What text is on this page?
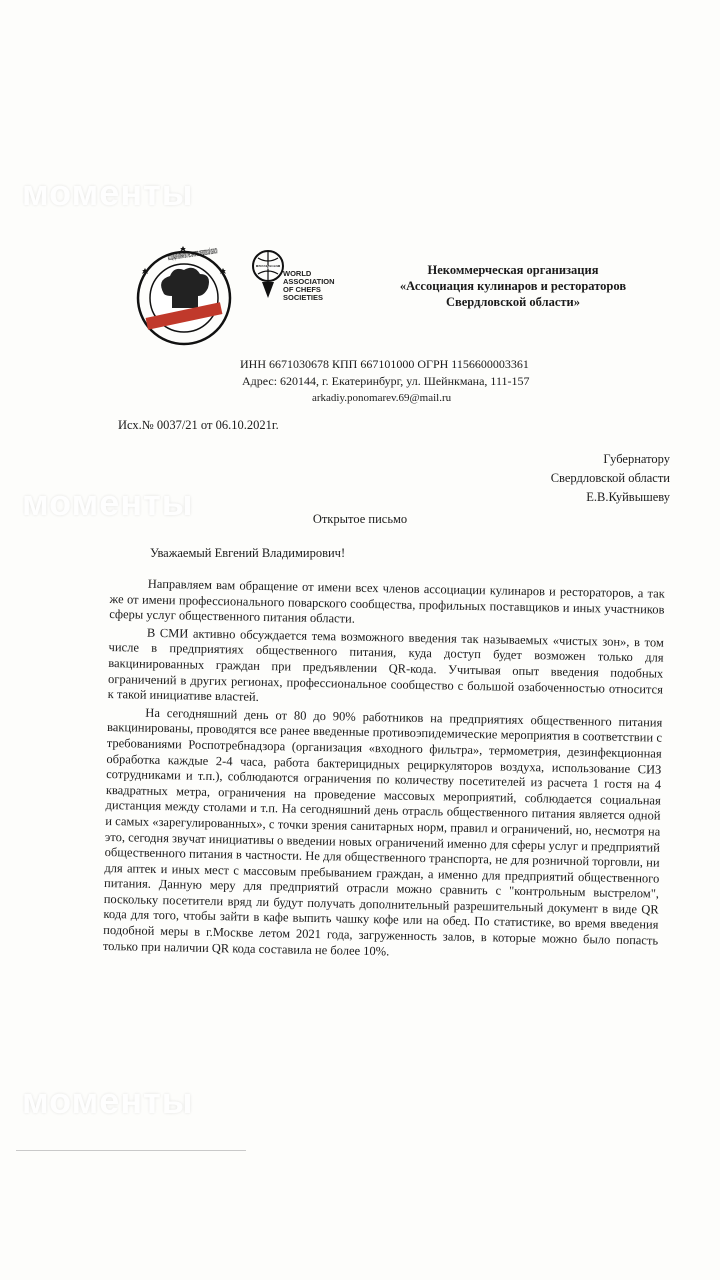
моменты
моменты
моменты
АССОЦИАЦИЯ КУЛИНАРОВ И РЕСТОРАТОРОВ СВЕРДЛОВСКОЙ ОБЛАСТИ
WORLDCHEFS
WORLD
ASSOCIATION
OF CHEFS
SOCIETIES
Некоммерческая организация
«Ассоциация кулинаров и рестораторов
Свердловской области»
ИНН 6671030678 КПП 667101000 ОГРН 1156600003361
Адрес: 620144, г. Екатеринбург, ул. Шейнкмана, 111-157
arkadiy.ponomarev.69@mail.ru
Исх.№ 0037/21 от 06.10.2021г.
Губернатору
Свердловской области
Е.В.Куйвышеву
Открытое письмо
Уважаемый Евгений Владимирович!

Направляем вам обращение от имени всех членов ассоциации кулинаров и рестораторов, а так же от имени профессионального поварского сообщества, профильных поставщиков и иных участников сферы услуг общественного питания области.

В СМИ активно обсуждается тема возможного введения так называемых «чистых зон», в том числе в предприятиях общественного питания, куда доступ будет возможен только для вакцинированных граждан при предъявлении QR-кода. Учитывая опыт введения подобных ограничений в других регионах, профессиональное сообщество с большой озабоченностью относится к такой инициативе властей.

На сегодняшний день от 80 до 90% работников на предприятиях общественного питания вакцинированы, проводятся все ранее введенные противоэпидемические мероприятия в соответствии с требованиями Роспотребнадзора (организация «входного фильтра», термометрия, дезинфекционная обработка каждые 2-4 часа, работа бактерицидных рециркуляторов воздуха, использование СИЗ сотрудниками и т.п.), соблюдаются ограничения по количеству посетителей из расчета 1 гостя на 4 квадратных метра, ограничения на проведение массовых мероприятий, соблюдается социальная дистанция между столами и т.п. На сегодняшний день отрасль общественного питания является одной и самых «зарегулированных», с точки зрения санитарных норм, правил и ограничений, но, несмотря на это, сегодня звучат инициативы о введении новых ограничений именно для сферы услуг и предприятий общественного питания в частности. Не для общественного транспорта, не для розничной торговли, ни для аптек и иных мест с массовым пребыванием граждан, а именно для предприятий общественного питания. Данную меру для предприятий отрасли можно сравнить с "контрольным выстрелом", поскольку посетители вряд ли будут получать дополнительный разрешительный документ в виде QR кода для того, чтобы зайти в кафе выпить чашку кофе или на обед. По статистике, во время введения подобной меры в г.Москве летом 2021 года, загруженность залов, в которые можно было попасть только при наличии QR кода составила не более 10%.
